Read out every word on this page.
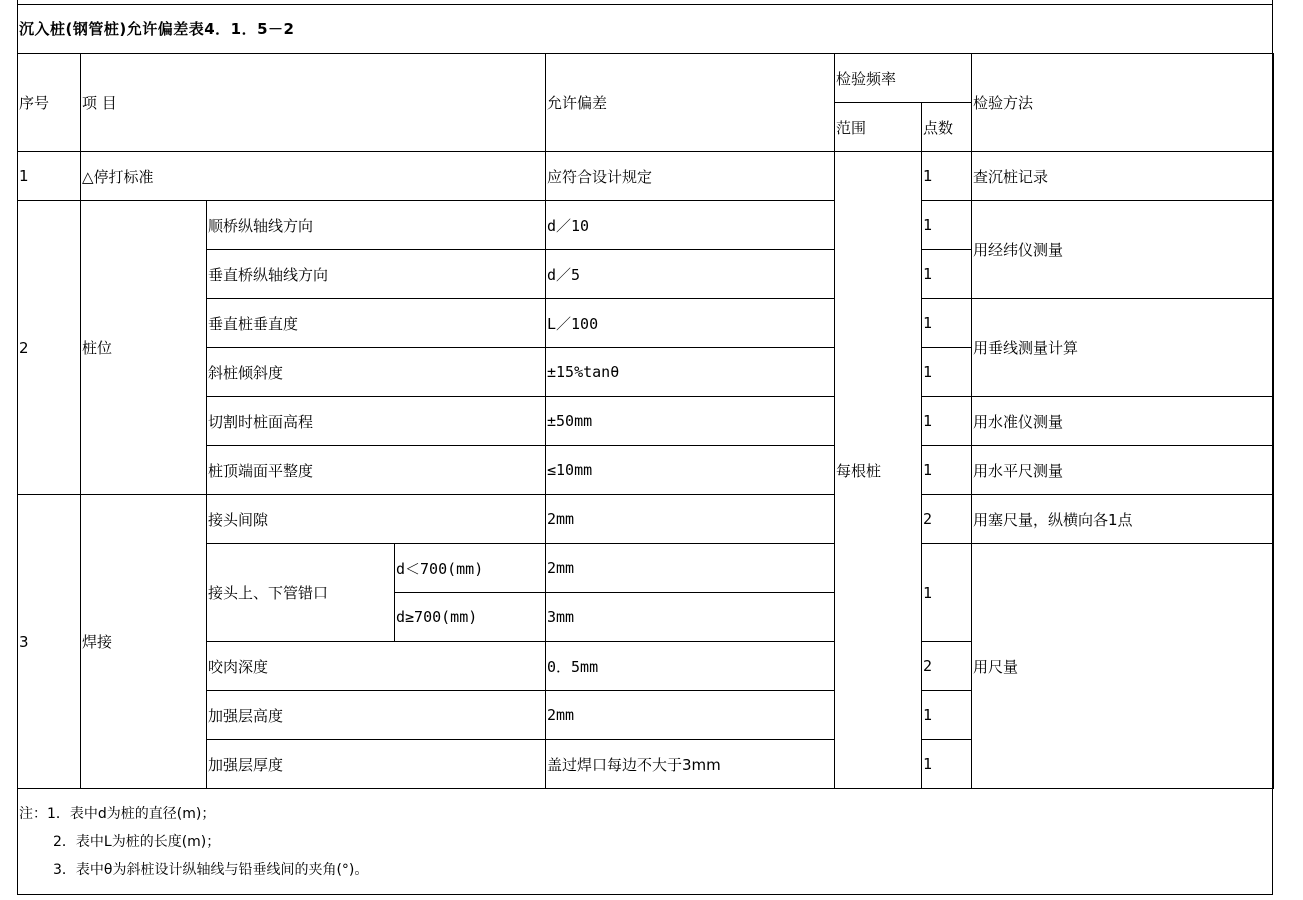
沉入桩(钢管桩)允许偏差表4．1．5－2
序号	项 目			允许偏差	检验频率		检验方法
					范围	点数	
1	△停打标准			应符合设计规定	每根桩	1	查沉桩记录
2	桩位	顺桥纵轴线方向		d／10		1	用经纬仪测量
		垂直桥纵轴线方向		d／5		1	
		垂直桩垂直度		L／100		1	用垂线测量计算
		斜桩倾斜度		±15%tanθ		1	
		切割时桩面高程		±50mm		1	用水准仪测量
		桩顶端面平整度		≤10mm		1	用水平尺测量
3	焊接	接头间隙		2mm		2	用塞尺量，纵横向各1点
		接头上、下管错口	d＜700(mm)	2mm		1	用尺量
			d≥700(mm)	3mm			
		咬肉深度		0．5mm		2	
		加强层高度		2mm		1	
		加强层厚度		盖过焊口每边不大于3mm		1	
注：1．表中d为桩的直径(m)；
2．表中L为桩的长度(m)；
3．表中θ为斜桩设计纵轴线与铅垂线间的夹角(°)。
